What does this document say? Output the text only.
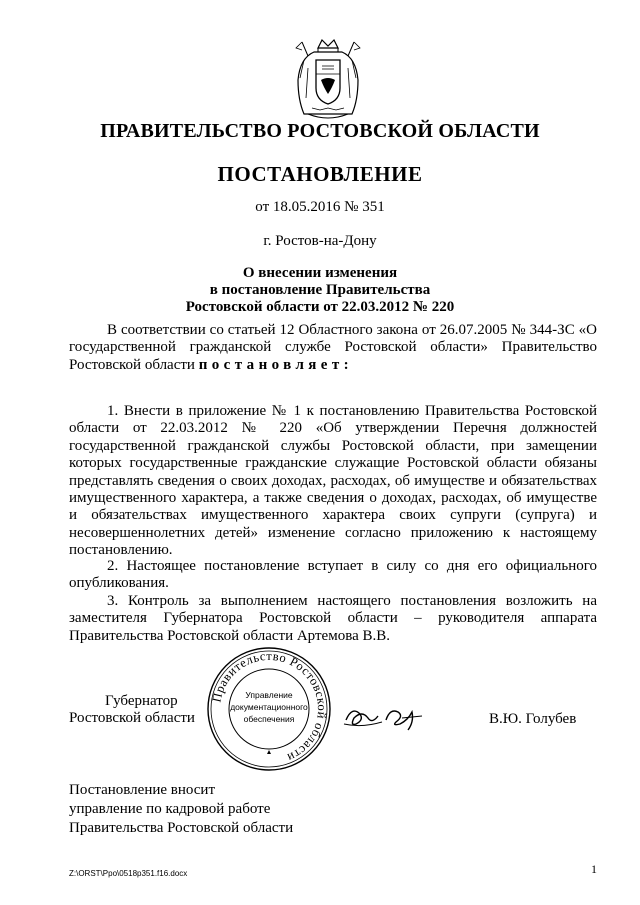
ПРАВИТЕЛЬСТВО РОСТОВСКОЙ ОБЛАСТИ
ПОСТАНОВЛЕНИЕ
от 18.05.2016 № 351
г. Ростов-на-Дону
О внесении изменения
в постановление Правительства
Ростовской области от 22.03.2012 № 220
В соответствии со статьей 12 Областного закона от 26.07.2005 № 344-ЗС «О государственной гражданской службе Ростовской области» Правительство Ростовской области постановляет:
1. Внести в приложение № 1 к постановлению Правительства Ростовской области от 22.03.2012 № 220 «Об утверждении Перечня должностей государственной гражданской службы Ростовской области, при замещении которых государственные гражданские служащие Ростовской области обязаны представлять сведения о своих доходах, расходах, об имуществе и обязательствах имущественного характера, а также сведения о доходах, расходах, об имуществе и обязательствах имущественного характера своих супруги (супруга) и несовершеннолетних детей» изменение согласно приложению к настоящему постановлению.
2. Настоящее постановление вступает в силу со дня его официального опубликования.
3. Контроль за выполнением настоящего постановления возложить на заместителя Губернатора Ростовской области – руководителя аппарата Правительства Ростовской области Артемова В.В.
Губернатор
Ростовской области
Правительство Ростовской области
Управление
документационного
обеспечения	В.Ю. Голубев
Постановление вносит
управление по кадровой работе
Правительства Ростовской области
Z:\ORST\Ppo\0518p351.f16.docx	1
